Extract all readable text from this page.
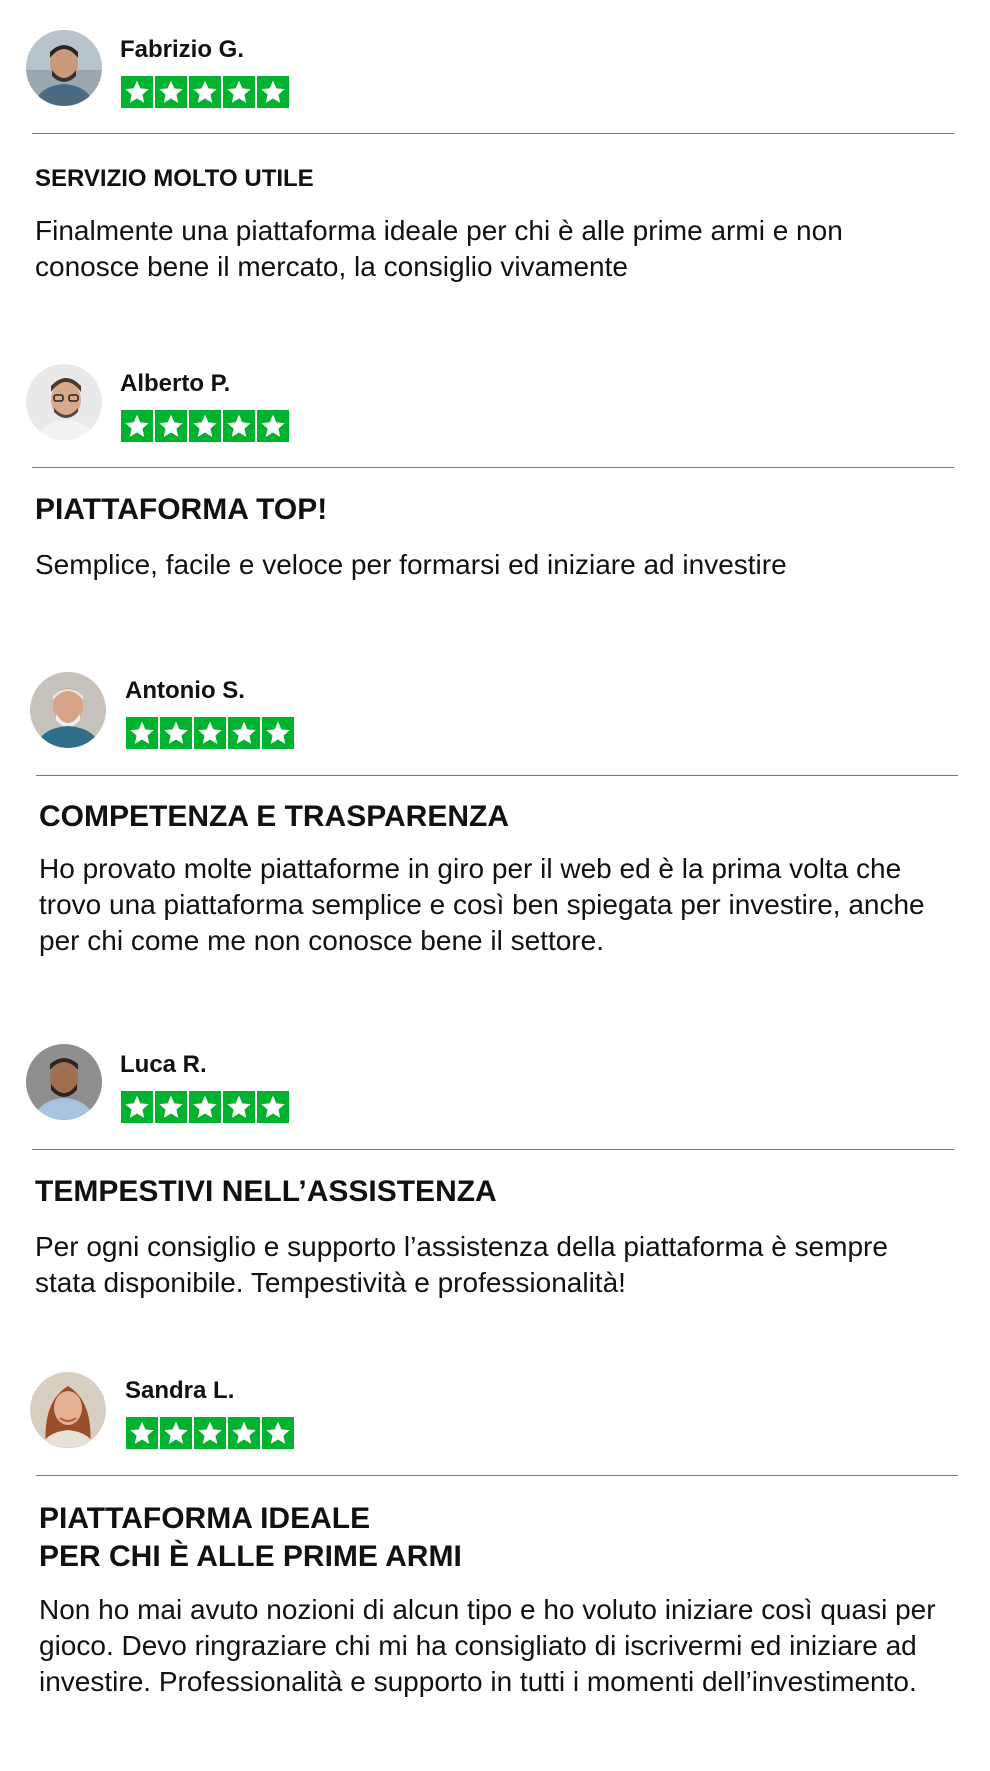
Fabrizio G.
SERVIZIO MOLTO UTILE
Finalmente una piattaforma ideale per chi è alle prime armi e non conosce bene il mercato, la consiglio vivamente
Alberto P.
PIATTAFORMA TOP!
Semplice, facile e veloce per formarsi ed iniziare ad investire
Antonio S.
COMPETENZA E TRASPARENZA
Ho provato molte piattaforme in giro per il web ed è la prima volta che trovo una piattaforma semplice e così ben spiegata per investire, anche per chi come me non conosce bene il settore.
Luca R.
TEMPESTIVI NELL’ASSISTENZA
Per ogni consiglio e supporto l’assistenza della piattaforma è sempre stata disponibile. Tempestività e professionalità!
Sandra L.
PIATTAFORMA IDEALE
PER CHI È ALLE PRIME ARMI
Non ho mai avuto nozioni di alcun tipo e ho voluto iniziare così quasi per gioco. Devo ringraziare chi mi ha consigliato di iscrivermi ed iniziare ad investire. Professionalità e supporto in tutti i momenti dell’investimento.
